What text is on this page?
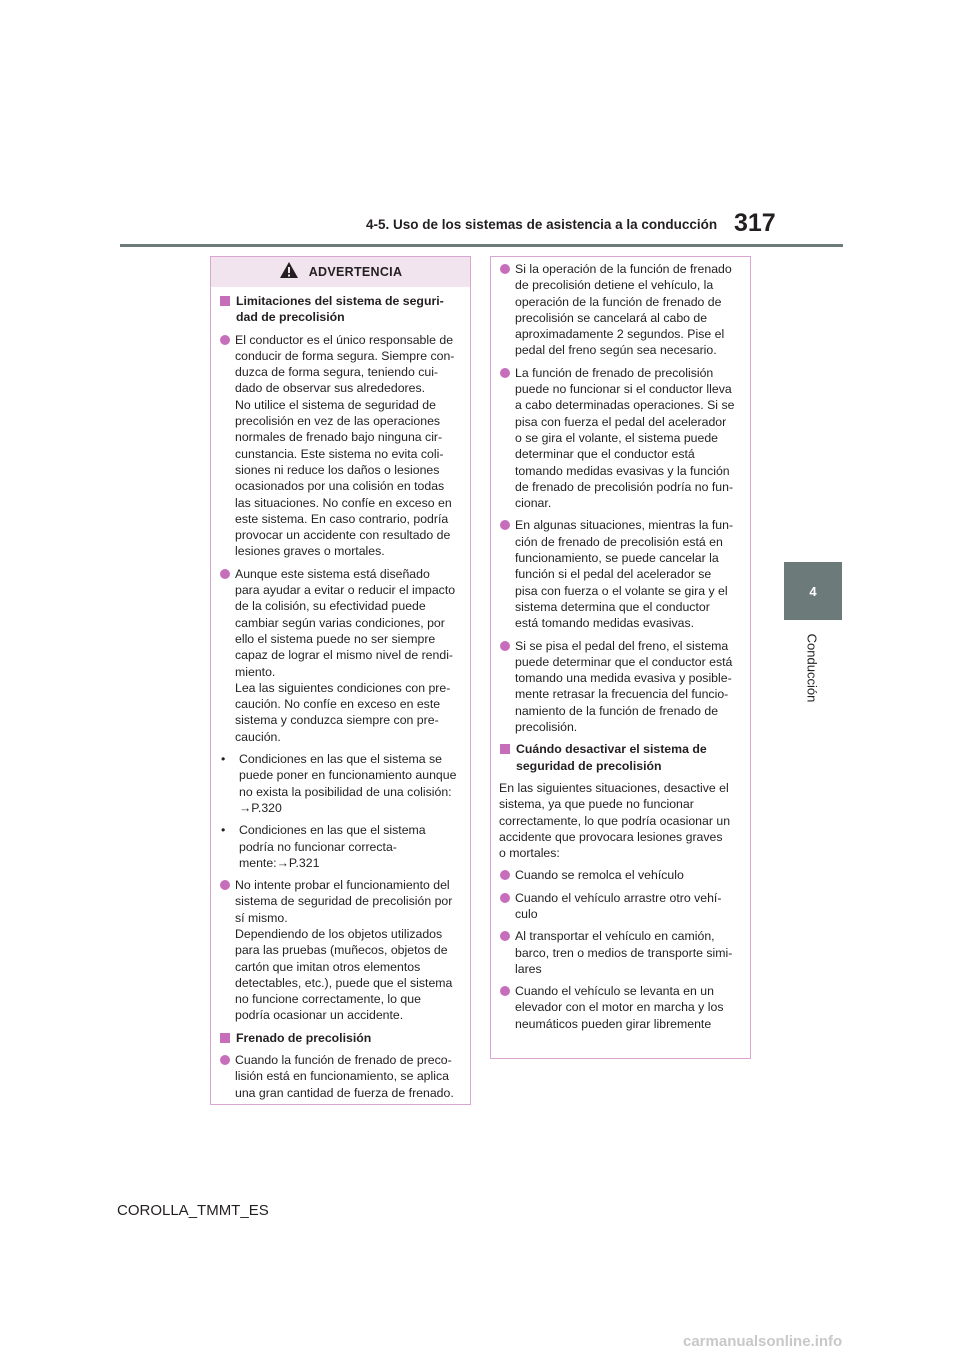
4-5. Uso de los sistemas de asistencia a la conducción 317
4
Conducción
ADVERTENCIA
Limitaciones del sistema de seguri-
dad de precolisión
El conductor es el único responsable de
conducir de forma segura. Siempre con-
duzca de forma segura, teniendo cui-
dado de observar sus alrededores.
No utilice el sistema de seguridad de
precolisión en vez de las operaciones
normales de frenado bajo ninguna cir-
cunstancia. Este sistema no evita coli-
siones ni reduce los daños o lesiones
ocasionados por una colisión en todas
las situaciones. No confíe en exceso en
este sistema. En caso contrario, podría
provocar un accidente con resultado de
lesiones graves o mortales.
Aunque este sistema está diseñado
para ayudar a evitar o reducir el impacto
de la colisión, su efectividad puede
cambiar según varias condiciones, por
ello el sistema puede no ser siempre
capaz de lograr el mismo nivel de rendi-
miento.
Lea las siguientes condiciones con pre-
caución. No confíe en exceso en este
sistema y conduzca siempre con pre-
caución.
•	Condiciones en las que el sistema se
puede poner en funcionamiento aunque
no exista la posibilidad de una colisión:
→P.320
•	Condiciones en las que el sistema
podría no funcionar correcta-
mente:→P.321
No intente probar el funcionamiento del
sistema de seguridad de precolisión por
sí mismo.
Dependiendo de los objetos utilizados
para las pruebas (muñecos, objetos de
cartón que imitan otros elementos
detectables, etc.), puede que el sistema
no funcione correctamente, lo que
podría ocasionar un accidente.
Frenado de precolisión
Cuando la función de frenado de preco-
lisión está en funcionamiento, se aplica
una gran cantidad de fuerza de frenado.
Si la operación de la función de frenado
de precolisión detiene el vehículo, la
operación de la función de frenado de
precolisión se cancelará al cabo de
aproximadamente 2 segundos. Pise el
pedal del freno según sea necesario.
La función de frenado de precolisión
puede no funcionar si el conductor lleva
a cabo determinadas operaciones. Si se
pisa con fuerza el pedal del acelerador
o se gira el volante, el sistema puede
determinar que el conductor está
tomando medidas evasivas y la función
de frenado de precolisión podría no fun-
cionar.
En algunas situaciones, mientras la fun-
ción de frenado de precolisión está en
funcionamiento, se puede cancelar la
función si el pedal del acelerador se
pisa con fuerza o el volante se gira y el
sistema determina que el conductor
está tomando medidas evasivas.
Si se pisa el pedal del freno, el sistema
puede determinar que el conductor está
tomando una medida evasiva y posible-
mente retrasar la frecuencia del funcio-
namiento de la función de frenado de
precolisión.
Cuándo desactivar el sistema de
seguridad de precolisión
En las siguientes situaciones, desactive el
sistema, ya que puede no funcionar
correctamente, lo que podría ocasionar un
accidente que provocara lesiones graves
o mortales:
Cuando se remolca el vehículo
Cuando el vehículo arrastre otro vehí-
culo
Al transportar el vehículo en camión,
barco, tren o medios de transporte simi-
lares
Cuando el vehículo se levanta en un
elevador con el motor en marcha y los
neumáticos pueden girar libremente
COROLLA_TMMT_ES
carmanualsonline.info
